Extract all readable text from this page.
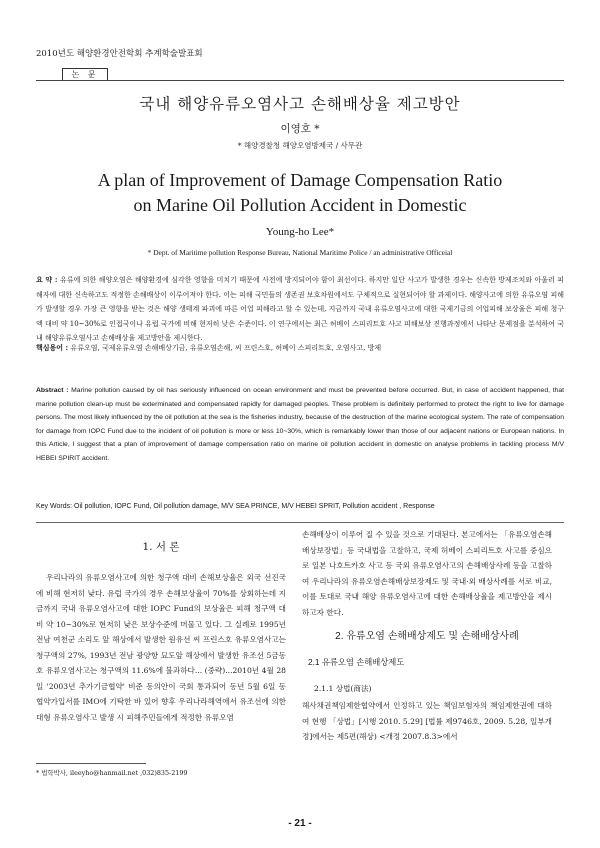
2010년도 해양환경안전학회 추계학술발표회
논 문
국내 해양유류오염사고 손해배상율 제고방안
이영호 *
* 해양경찰청 해양오염방제국 / 사무관
A plan of Improvement of Damage Compensation Ratio
on Marine Oil Pollution Accident in Domestic
Young-ho Lee*
* Dept. of Maritime pollution Response Bureau, National Maritime Police / an administrative Officeial
요 약 : 유류에 의한 해양오염은 해양환경에 심각한 영향을 미치기 때문에 사전에 방지되어야 함이 최선이다. 하지만 일단 사고가 발생한 경우는 신속한 방제조치와 아울러 피해자에 대한 신속하고도 적정한 손해배상이 이루어져야 한다. 이는 피해 국민들의 생존권 보호차원에서도 구체적으로 실현되어야 할 과제이다. 해양사고에 의한 유류오염 피해가 발생할 경우 가장 큰 영향을 받는 것은 해양 생태계 파괴에 따른 어업 피해라고 할 수 있는데, 지금까지 국내 유류오염사고에 대한 국제기금의 어업피해 보상율은 피해 청구액 대비 약 10~30%로 인접국이나 유럽 국가에 비해 현저히 낮은 수준이다. 이 연구에서는 최근 허베이 스피리트호 사고 피해보상 진행과정에서 나타난 문제점을 분석하여 국내 해양유류오염사고 손해배상율 제고방안을 제시한다.
핵심용어 : 유류오염, 국제유류오염 손해배상기금, 유류오염손해, 씨 프린스호, 허베이 스피리트호, 오염사고, 방제
Abstract : Marine pollution caused by oil has seriously influenced on ocean environment and must be prevented before occurred. But, in case of accident happened, that marine pollution clean-up must be exterminated and compensated rapidly for damaged peoples. These problem is definitely performed to protect the right to live for damage persons. The most likely influenced by the oil pollution at the sea is the fisheries industry, because of the destruction of the marine ecological system. The rate of compensation for damage from IOPC Fund due to the incident of oil pollution is more or less 10~30%, which is remarkably lower than those of our adjacent nations or European nations. In this Article, I suggest that a plan of improvement of damage compensation ratio on marine oil pollution accident in domestic on analyse problems in tackling process M/V HEBEI SPIRIT accident.
Key Words: Oil pollution, IOPC Fund, Oil pollution damage, M/V SEA PRINCE, M/V HEBEI SPRIT, Pollution accident , Response
1. 서 론
우리나라의 유류오염사고에 의한 청구액 대비 손해보상율은 외국 선진국에 비해 현저히 낮다. 유럽 국가의 경우 손해보상율이 70%를 상회하는데 지금까지 국내 유류오염사고에 대한 IOPC Fund의 보상율은 피해 청구액 대비 약 10~30%로 현저히 낮은 보상수준에 머물고 있다. 그 실례로 1995년 전남 여천군 소리도 앞 해상에서 발생한 원유선 씨 프린스호 유류오염사고는 청구액의 27%, 1993년 전남 광양항 묘도앞 해상에서 발생한 유조선 5금동호 유류오염사고는 청구액의 11.6%에 불과하다... (중략)...2010년 4월 28일 '2003년 추가기금협약' 비준 동의안이 국회 통과되어 동년 5월 6일 동 협약가입서를 IMO에 기탁한 바 있어 향후 우리나라해역에서 유조선에 의한 대형 유류오염사고 발생 시 피해주민들에게 적정한 유류오염
손해배상이 이루어 질 수 있을 것으로 기대된다. 본고에서는 「유류오염손해배상보장법」등 국내법을 고찰하고, 국제 허베이 스피리트호 사고를 중심으로 일본 나호트카호 사고 등 국외 유류오염사고의 손해배상사례 등을 고찰하여 우리나라의 유류오염손해배상보장제도 및 국내·외 배상사례를 서로 비교, 이를 토대로 국내 해양 유류오염사고에 대한 손해배상율을 제고방안을 제시하고자 한다.
2. 유류오염 손해배상제도 및 손해배상사례
2.1 유류오염 손해배상제도
2.1.1 상법(商法)
해사채권책임제한협약에서 인정하고 있는 책임보험자의 책임제한권에 대하여 현행 「상법」[시행 2010. 5.29] [법률 제9746호, 2009. 5.28, 일부개정]에서는 제5편(해상) <개정 2007.8.3>에서
* 법학박사, ileeyho@hanmail.net ,032)835-2199
- 21 -
